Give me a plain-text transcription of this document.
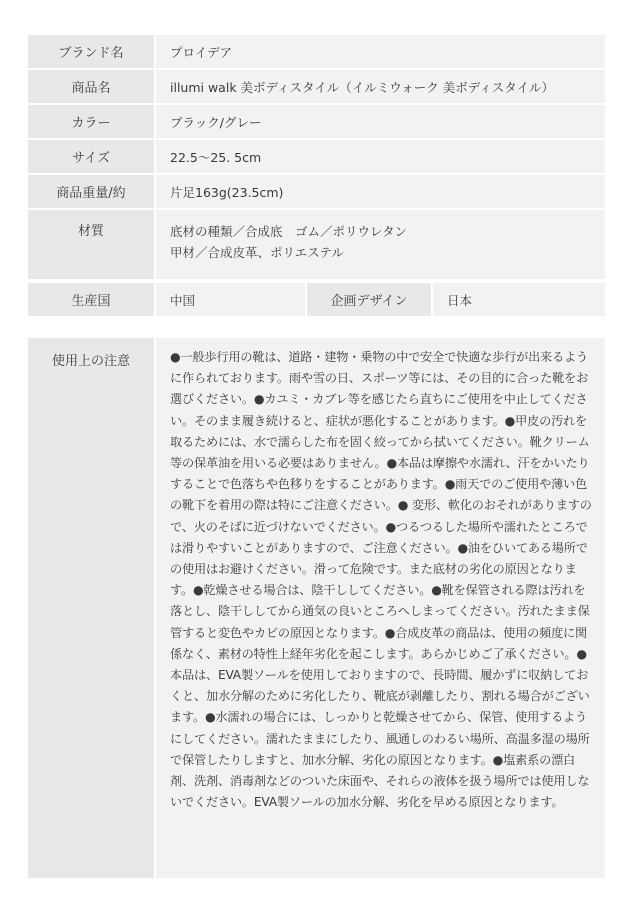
ブランド名	プロイデア
商品名	illumi walk 美ボディスタイル（イルミウォーク 美ボディスタイル）
カラー	ブラック/グレー
サイズ	22.5～25. 5cm
商品重量/約	片足163g(23.5cm)
材質	底材の種類／合成底　ゴム／ポリウレタン
甲材／合成皮革、ポリエステル
生産国	中国	企画デザイン	日本
使用上の注意	●一般歩行用の靴は、道路・建物・乗物の中で安全で快適な歩行が出来るように作られております。雨や雪の日、スポーツ等には、その目的に合った靴をお選びください。●カユミ・カブレ等を感じたら直ちにご使用を中止してください。そのまま履き続けると、症状が悪化することがあります。●甲皮の汚れを取るためには、水で濡らした布を固く絞ってから拭いてください。靴クリーム等の保革油を用いる必要はありません。●本品は摩擦や水濡れ、汗をかいたりすることで色落ちや色移りをすることがあります。●雨天でのご使用や薄い色の靴下を着用の際は特にご注意ください。● 変形、軟化のおそれがありますので、火のそばに近づけないでください。●つるつるした場所や濡れたところでは滑りやすいことがありますので、ご注意ください。●油をひいてある場所での使用はお避けください。滑って危険です。また底材の劣化の原因となります。●乾燥させる場合は、陰干ししてください。●靴を保管される際は汚れを落とし、陰干ししてから通気の良いところへしまってください。汚れたまま保管すると変色やカビの原因となります。●合成皮革の商品は、使用の頻度に関係なく、素材の特性上経年劣化を起こします。あらかじめご了承ください。●本品は、EVA製ソールを使用しておりますので、長時間、履かずに収納しておくと、加水分解のために劣化したり、靴底が剥離したり、割れる場合がございます。●水濡れの場合には、しっかりと乾燥させてから、保管、使用するようにしてください。濡れたままにしたり、風通しのわるい場所、高温多湿の場所で保管したりしますと、加水分解、劣化の原因となります。●塩素系の漂白剤、洗剤、消毒剤などのついた床面や、それらの液体を扱う場所では使用しないでください。EVA製ソールの加水分解、劣化を早める原因となります。
